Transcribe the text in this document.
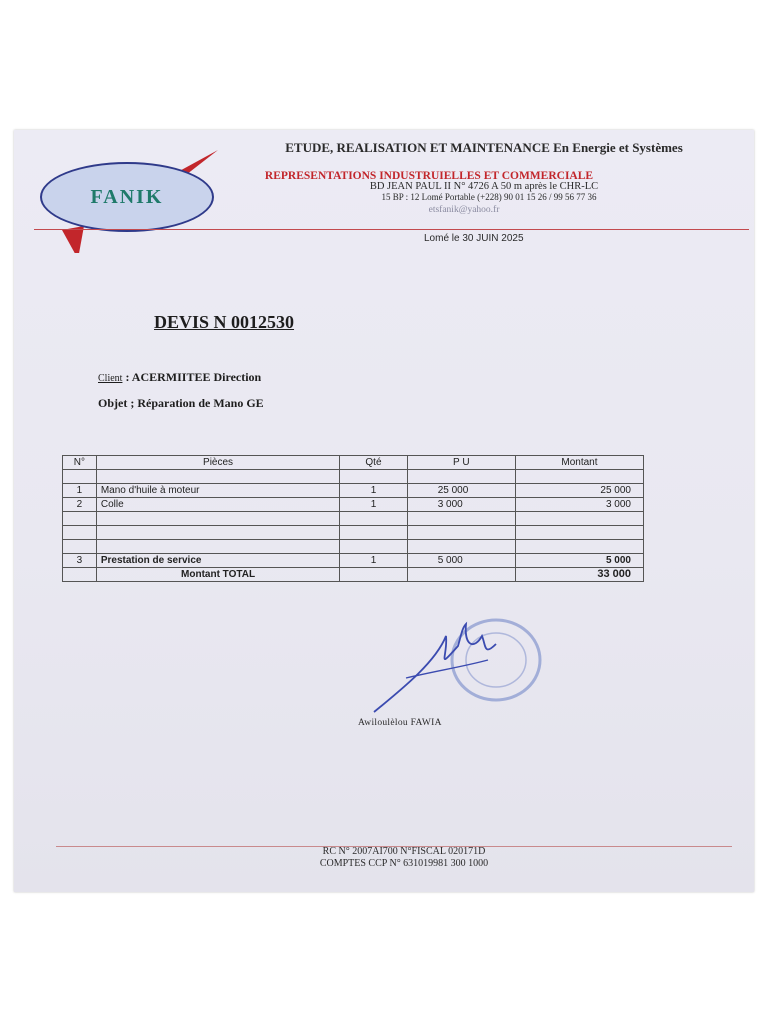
FANIK
ETUDE, REALISATION ET MAINTENANCE En Energie et Systèmes
REPRESENTATIONS INDUSTRUIELLES ET COMMERCIALE
BD JEAN PAUL II N° 4726 A 50 m après le CHR-LC
15 BP : 12 Lomé Portable (+228) 90 01 15 26 / 99 56 77 36
etsfanik@yahoo.fr
Lomé le 30 JUIN 2025
DEVIS N 0012530
Client : ACERMIITEE Direction
Objet ; Réparation de Mano GE
N°	Pièces	Qté	P U	Montant

1	Mano d'huile à moteur	1	25 000	25 000
2	Colle	1	3 000	3 000

3	Prestation de service	1	5 000	5 000
	Montant TOTAL			33 000
Awiloulèlou FAWIA
RC N° 2007AI700 N°FISCAL 020171D
COMPTES CCP N° 631019981 300 1000
